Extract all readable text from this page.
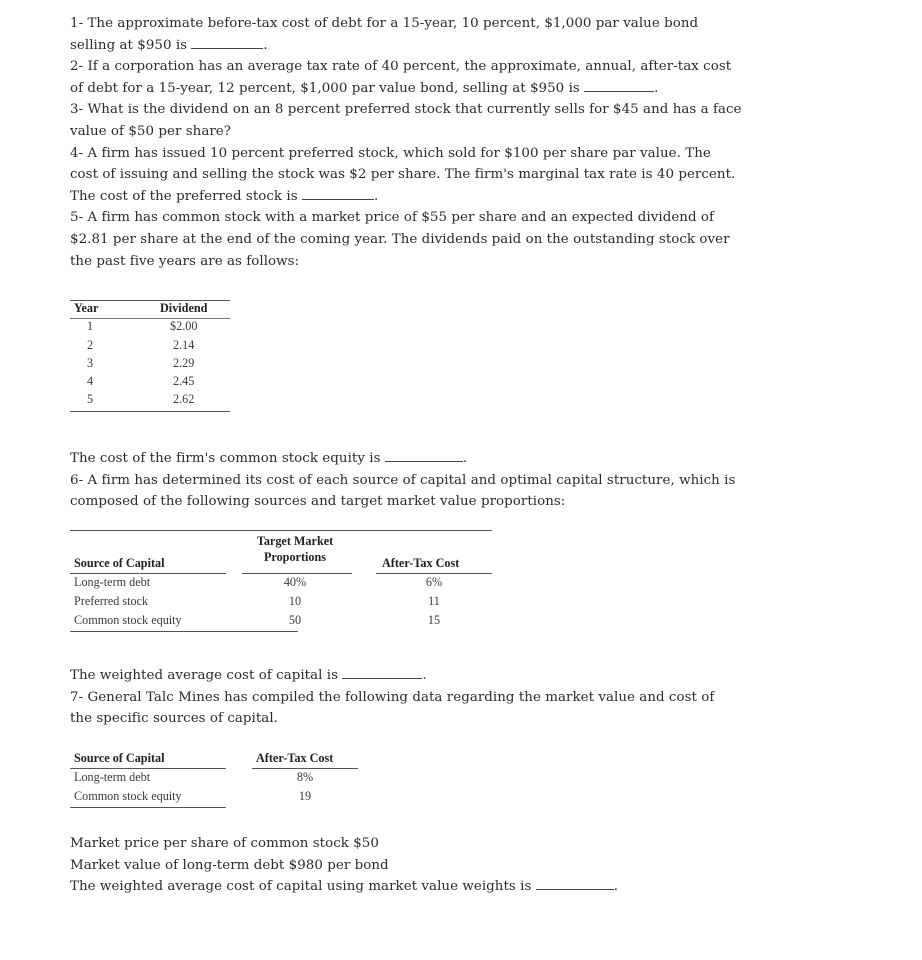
1- The approximate before-tax cost of debt for a 15-year, 10 percent, $1,000 par value bond
selling at $950 is	.

2- If a corporation has an average tax rate of 40 percent, the approximate, annual, after-tax cost
of debt for a 15-year, 12 percent, $1,000 par value bond, selling at $950 is	.

3- What is the dividend on an 8 percent preferred stock that currently sells for $45 and has a face
value of $50 per share?

4- A firm has issued 10 percent preferred stock, which sold for $100 per share par value. The
cost of issuing and selling the stock was $2 per share. The firm's marginal tax rate is 40 percent.
The cost of the preferred stock is	.

5- A firm has common stock with a market price of $55 per share and an expected dividend of
$2.81 per share at the end of the coming year. The dividends paid on the outstanding stock over
the past five years are as follows:

Year	Dividend
1	$2.00
2	2.14
3	2.29
4	2.45
5	2.62

The cost of the firm's common stock equity is	.

6- A firm has determined its cost of each source of capital and optimal capital structure, which is
composed of the following sources and target market value proportions:

Target Market
Source of Capital	Proportions	After-Tax Cost
Long-term debt	40%	6%
Preferred stock	10	11
Common stock equity	50	15

The weighted average cost of capital is	.

7- General Talc Mines has compiled the following data regarding the market value and cost of
the specific sources of capital.

Source of Capital	After-Tax Cost
Long-term debt	8%
Common stock equity	19

Market price per share of common stock $50

Market value of long-term debt $980 per bond

The weighted average cost of capital using market value weights is	.
